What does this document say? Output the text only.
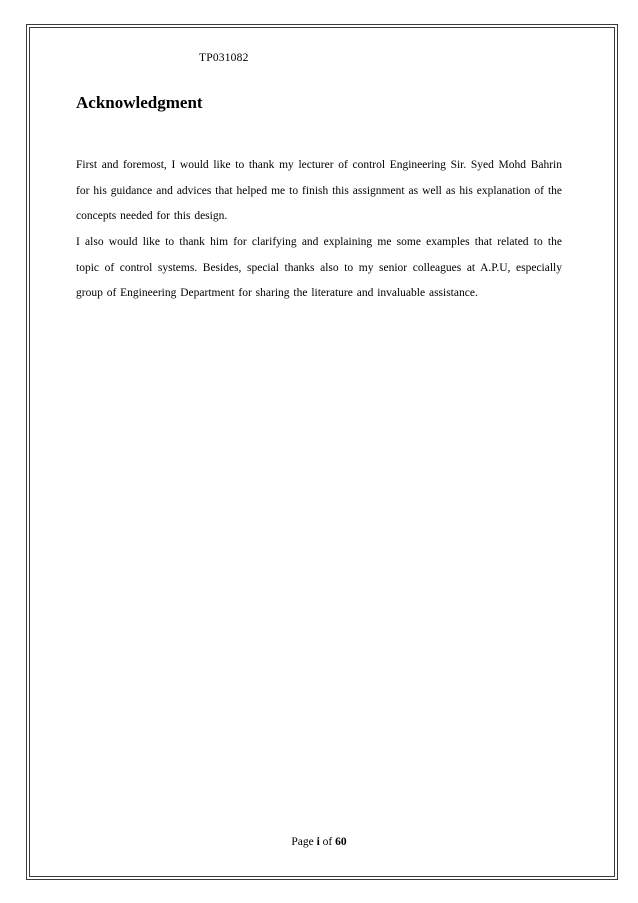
TP031082
Acknowledgment

First and foremost, I would like to thank my lecturer of control Engineering Sir. Syed Mohd Bahrin for his guidance and advices that helped me to finish this assignment as well as his explanation of the concepts needed for this design.

I also would like to thank him for clarifying and explaining me some examples that related to the topic of control systems. Besides, special thanks also to my senior colleagues at A.P.U, especially group of Engineering Department for sharing the literature and invaluable assistance.

Page i of 60
